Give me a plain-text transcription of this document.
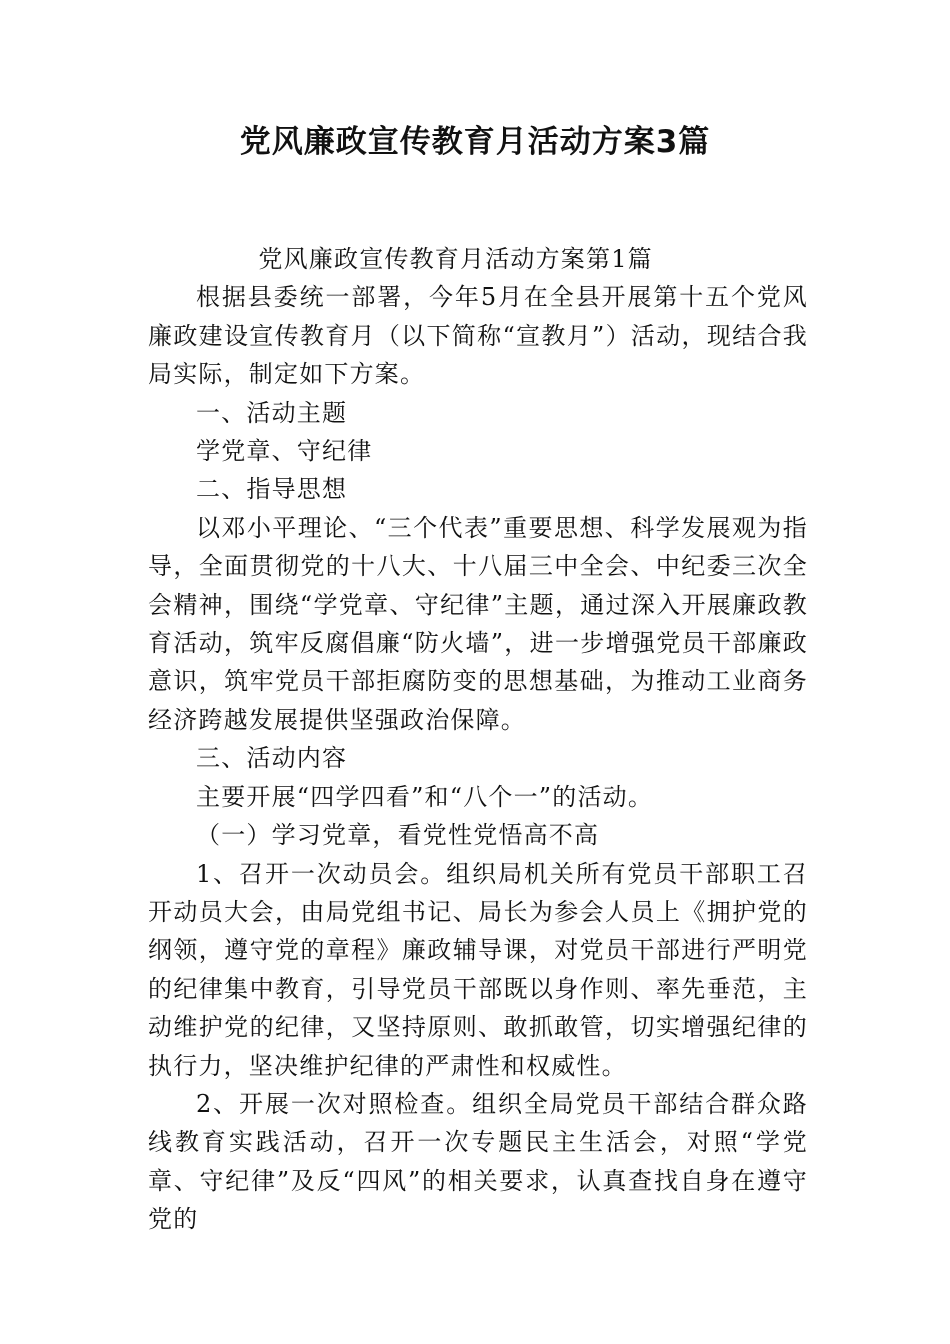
党风廉政宣传教育月活动方案3篇

党风廉政宣传教育月活动方案第1篇

根据县委统一部署，今年5月在全县开展第十五个党风廉政建设宣传教育月（以下简称“宣教月”）活动，现结合我局实际，制定如下方案。

一、活动主题

学党章、守纪律

二、指导思想

以邓小平理论、“三个代表”重要思想、科学发展观为指导，全面贯彻党的十八大、十八届三中全会、中纪委三次全会精神，围绕“学党章、守纪律”主题，通过深入开展廉政教育活动，筑牢反腐倡廉“防火墙”，进一步增强党员干部廉政意识，筑牢党员干部拒腐防变的思想基础，为推动工业商务经济跨越发展提供坚强政治保障。

三、活动内容

主要开展“四学四看”和“八个一”的活动。

（一）学习党章，看党性党悟高不高

1、召开一次动员会。组织局机关所有党员干部职工召开动员大会，由局党组书记、局长为参会人员上《拥护党的纲领，遵守党的章程》廉政辅导课，对党员干部进行严明党的纪律集中教育，引导党员干部既以身作则、率先垂范，主动维护党的纪律，又坚持原则、敢抓敢管，切实增强纪律的执行力，坚决维护纪律的严肃性和权威性。

2、开展一次对照检查。组织全局党员干部结合群众路线教育实践活动，召开一次专题民主生活会，对照“学党章、守纪律”及反“四风”的相关要求，认真查找自身在遵守党的
